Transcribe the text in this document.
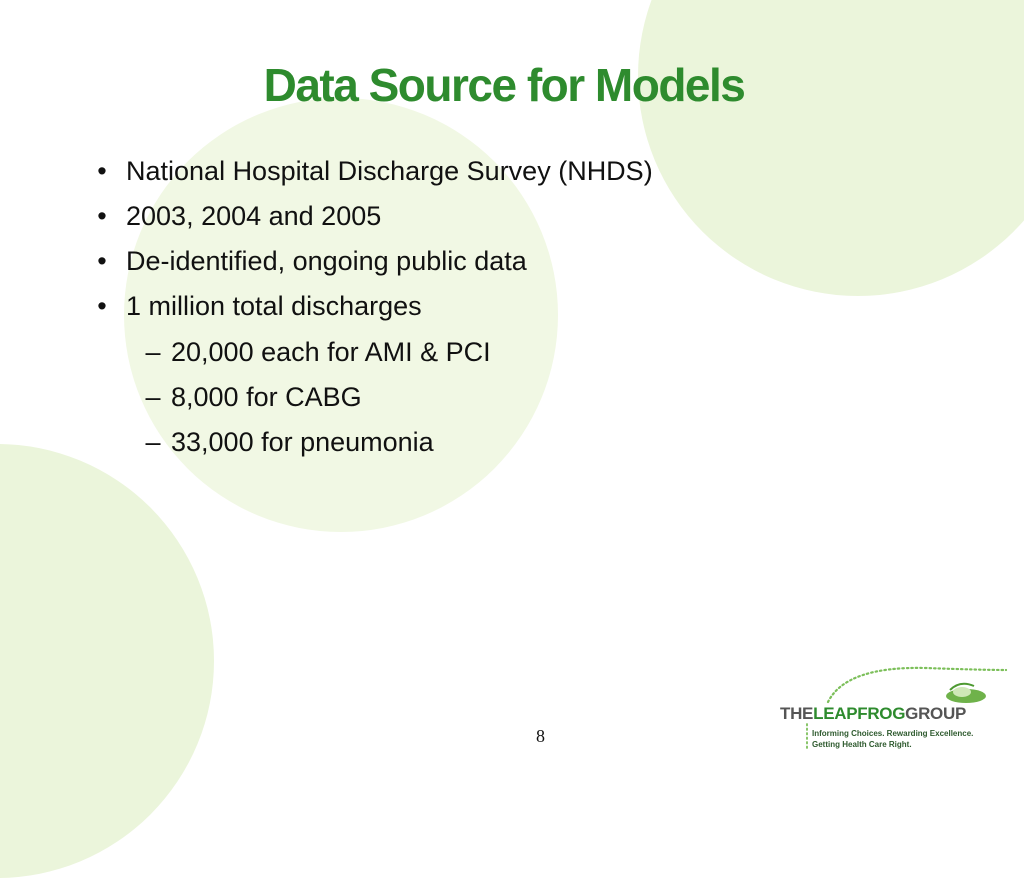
Data Source for Models
• National Hospital Discharge Survey (NHDS)
• 2003, 2004 and 2005
• De-identified, ongoing public data
• 1 million total discharges
– 20,000 each for AMI & PCI
– 8,000 for CABG
– 33,000 for pneumonia
8
THELEAPFROGGROUP
Informing Choices. Rewarding Excellence.
Getting Health Care Right.
